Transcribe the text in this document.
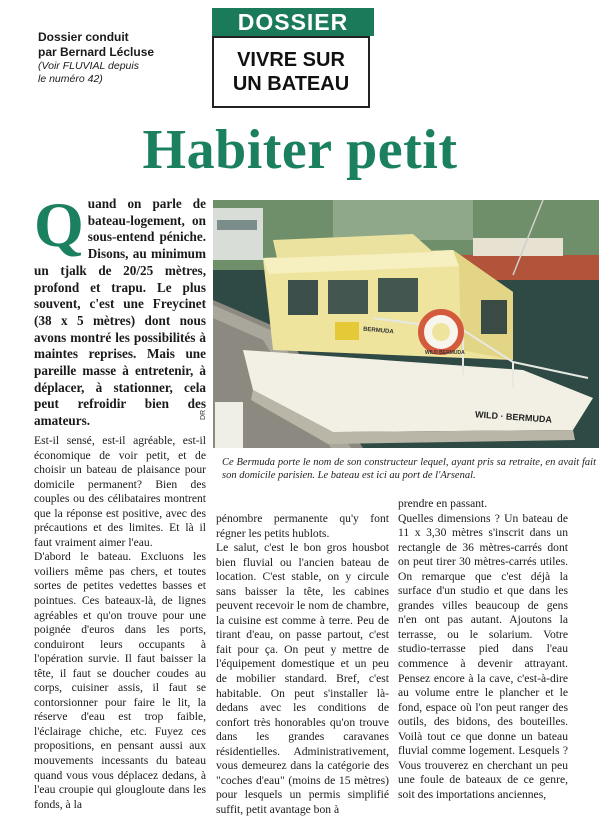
Dossier conduit
par Bernard Lécluse
(Voir FLUVIAL depuis
le numéro 42)
DOSSIER
VIVRE SUR
UN BATEAU
Habiter petit
Quand on parle de bateau-logement, on sous-entend péniche. Disons, au minimum un tjalk de 20/25 mètres, profond et trapu. Le plus souvent, c'est une Freycinet (38 x 5 mètres) dont nous avons montré les possibilités à maintes reprises. Mais une pareille masse à entretenir, à déplacer, à stationner, cela peut refroidir bien des amateurs.
BERMUDA
WILD BERMUDA
WILD · BERMUDA
DR
Ce Bermuda porte le nom de son constructeur lequel, ayant pris sa retraite, en avait fait son domicile parisien. Le bateau est ici au port de l'Arsenal.

Est-il sensé, est-il agréable, est-il économique de voir petit, et de choisir un bateau de plaisance pour domicile permanent? Bien des couples ou des célibataires montrent que la réponse est positive, avec des précautions et des limites. Et là il faut vraiment aimer l'eau.

D'abord le bateau. Excluons les voiliers même pas chers, et toutes sortes de petites vedettes basses et pointues. Ces bateaux-là, de lignes agréables et qu'on trouve pour une poignée d'euros dans les ports, conduiront leurs occupants à l'opération survie. Il faut baisser la tête, il faut se doucher coudes au corps, cuisiner assis, il faut se contorsionner pour faire le lit, la réserve d'eau est trop faible, l'éclairage chiche, etc. Fuyez ces propositions, en pensant aussi aux mouvements incessants du bateau quand vous vous déplacez dedans, à l'eau croupie qui glougloute dans les fonds, à la

pénombre permanente qu'y font régner les petits hublots.

Le salut, c'est le bon gros housbot bien fluvial ou l'ancien bateau de location. C'est stable, on y circule sans baisser la tête, les cabines peuvent recevoir le nom de chambre, la cuisine est comme à terre. Peu de tirant d'eau, on passe partout, c'est fait pour ça. On peut y mettre de l'équipement domestique et un peu de mobilier standard. Bref, c'est habitable. On peut s'installer là-dedans avec les conditions de confort très honorables qu'on trouve dans les grandes caravanes résidentielles. Administrativement, vous demeurez dans la catégorie des "coches d'eau" (moins de 15 mètres) pour lesquels un permis simplifié suffit, petit avantage bon à

prendre en passant.

Quelles dimensions ? Un bateau de 11 x 3,30 mètres s'inscrit dans un rectangle de 36 mètres-carrés dont on peut tirer 30 mètres-carrés utiles. On remarque que c'est déjà la surface d'un studio et que dans les grandes villes beaucoup de gens n'en ont pas autant. Ajoutons la terrasse, ou le solarium. Votre studio-terrasse pied dans l'eau commence à devenir attrayant. Pensez encore à la cave, c'est-à-dire au volume entre le plancher et le fond, espace où l'on peut ranger des outils, des bidons, des bouteilles. Voilà tout ce que donne un bateau fluvial comme logement. Lesquels ? Vous trouverez en cherchant un peu une foule de bateaux de ce genre, soit des importations anciennes,
